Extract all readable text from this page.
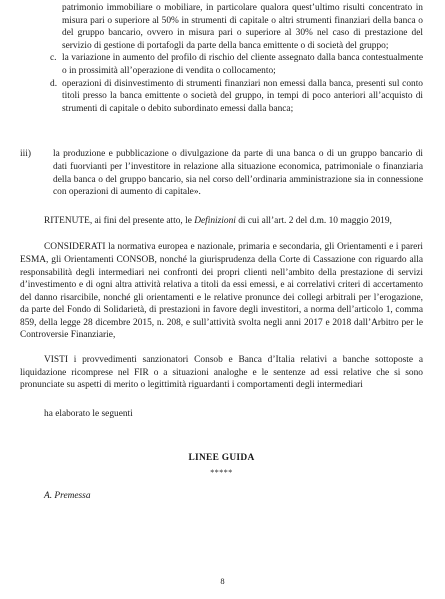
patrimonio immobiliare o mobiliare, in particolare qualora quest’ultimo risulti concentrato in misura pari o superiore al 50% in strumenti di capitale o altri strumenti finanziari della banca o del gruppo bancario, ovvero in misura pari o superiore al 30% nel caso di prestazione del servizio di gestione di portafogli da parte della banca emittente o di società del gruppo;

c. la variazione in aumento del profilo di rischio del cliente assegnato dalla banca contestualmente o in prossimità all’operazione di vendita o collocamento;
d. operazioni di disinvestimento di strumenti finanziari non emessi dalla banca, presenti sul conto titoli presso la banca emittente o società del gruppo, in tempi di poco anteriori all’acquisto di strumenti di capitale o debito subordinato emessi dalla banca;
iii)	la produzione e pubblicazione o divulgazione da parte di una banca o di un gruppo bancario di dati fuorvianti per l’investitore in relazione alla situazione economica, patrimoniale o finanziaria della banca o del gruppo bancario, sia nel corso dell’ordinaria amministrazione sia in connessione con operazioni di aumento di capitale».

RITENUTE, ai fini del presente atto, le Definizioni di cui all’art. 2 del d.m. 10 maggio 2019,

CONSIDERATI la normativa europea e nazionale, primaria e secondaria, gli Orientamenti e i pareri ESMA, gli Orientamenti CONSOB, nonché la giurisprudenza della Corte di Cassazione con riguardo alla responsabilità degli intermediari nei confronti dei propri clienti nell’ambito della prestazione di servizi d’investimento e di ogni altra attività relativa a titoli da essi emessi, e ai correlativi criteri di accertamento del danno risarcibile, nonché gli orientamenti e le relative pronunce dei collegi arbitrali per l’erogazione, da parte del Fondo di Solidarietà, di prestazioni in favore degli investitori, a norma dell’articolo 1, comma 859, della legge 28 dicembre 2015, n. 208, e sull’attività svolta negli anni 2017 e 2018 dall’Arbitro per le Controversie Finanziarie,

VISTI i provvedimenti sanzionatori Consob e Banca d’Italia relativi a banche sottoposte a liquidazione ricomprese nel FIR o a situazioni analoghe e le sentenze ad essi relative che si sono pronunciate su aspetti di merito o legittimità riguardanti i comportamenti degli intermediari

ha elaborato le seguenti

LINEE GUIDA
*****
A. Premessa
8
